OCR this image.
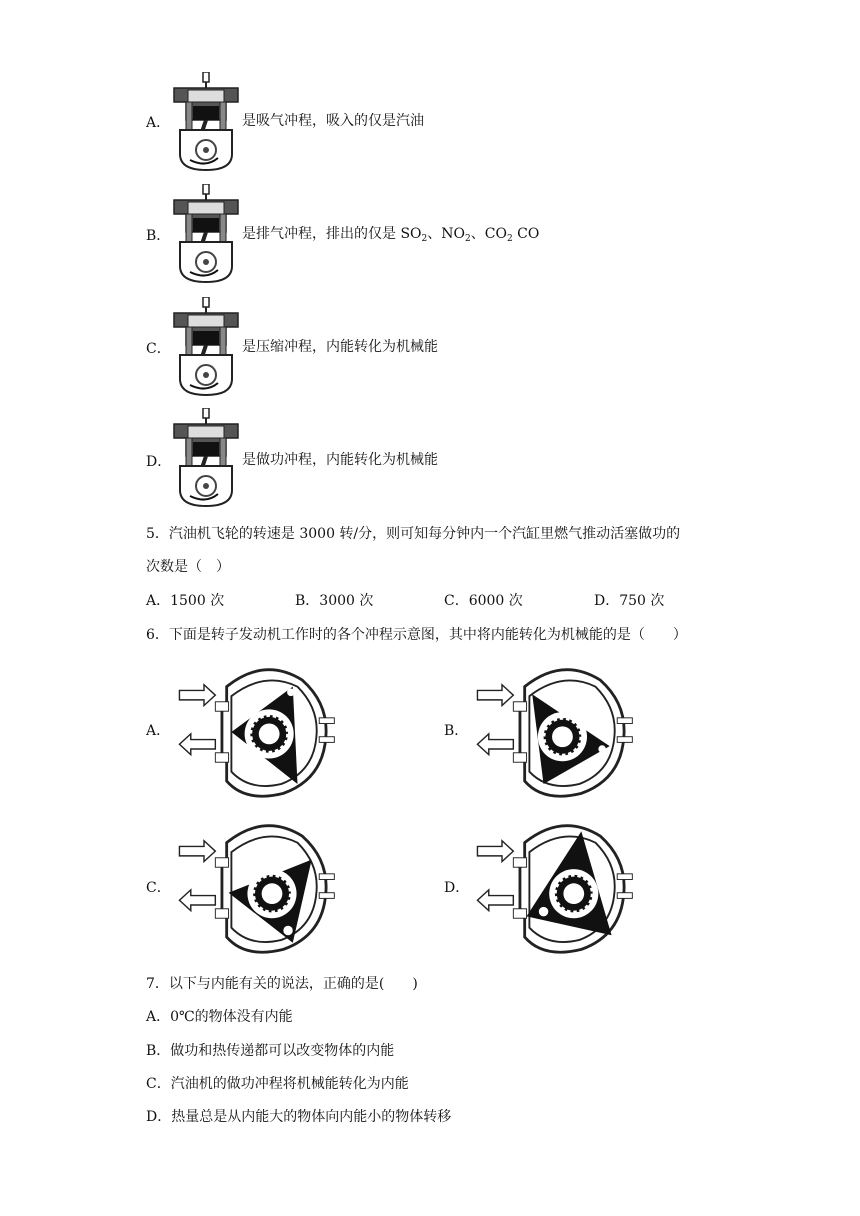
A．	是吸气冲程，吸入的仅是汽油
B．	是排气冲程，排出的仅是 $SO_2$、$NO_2$、$CO_2$ CO
C．	是压缩冲程，内能转化为机械能
D．	是做功冲程，内能转化为机械能
5．汽油机飞轮的转速是 3000 转/分，则可知每分钟内一个汽缸里燃气推动活塞做功的
次数是（　）
A．1500 次	B．3000 次	C．6000 次	D．750 次
6．下面是转子发动机工作时的各个冲程示意图，其中将内能转化为机械能的是（　　）
A．	B．
C．	D．
7．以下与内能有关的说法，正确的是(　　)
A．0℃的物体没有内能
B．做功和热传递都可以改变物体的内能
C．汽油机的做功冲程将机械能转化为内能
D．热量总是从内能大的物体向内能小的物体转移
